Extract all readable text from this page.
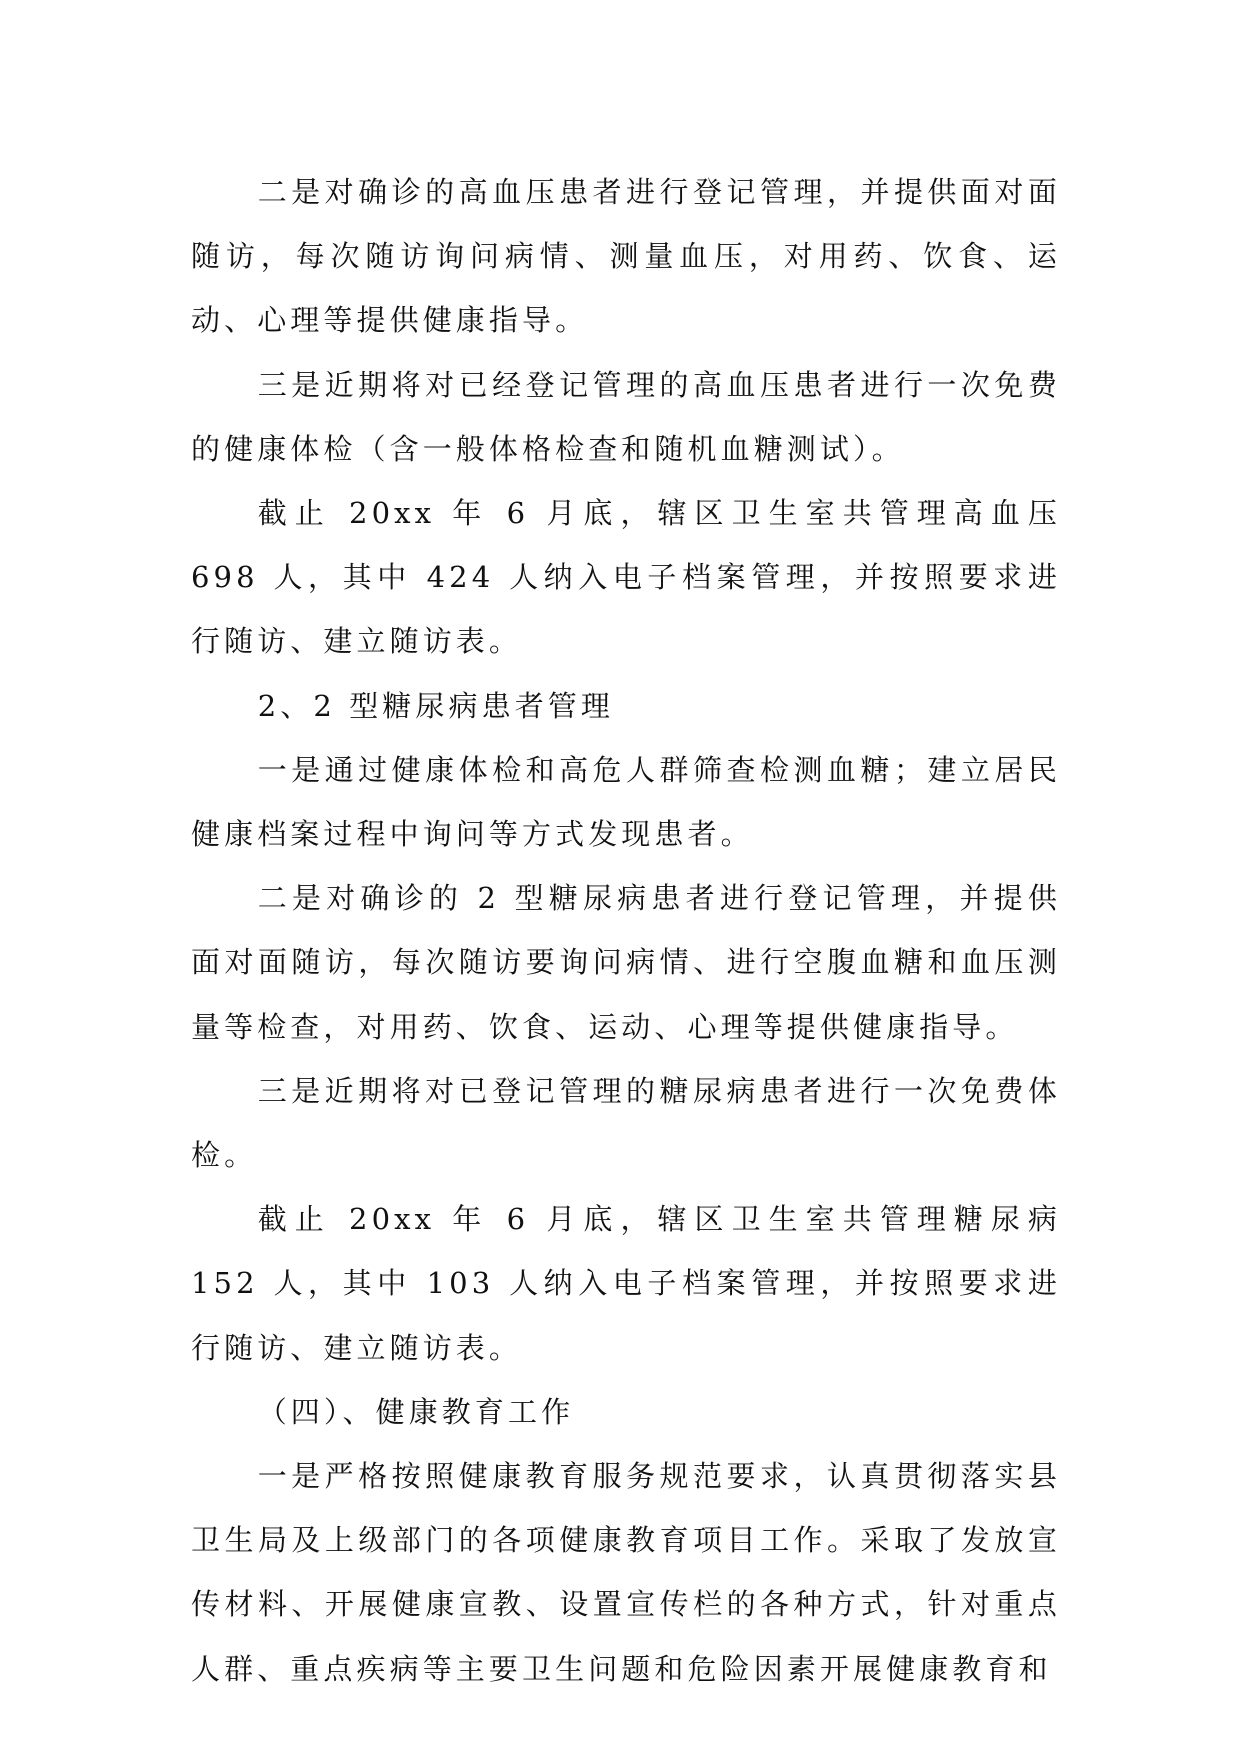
二是对确诊的高血压患者进行登记管理，并提供面对面随访，每次随访询问病情、测量血压，对用药、饮食、运动、心理等提供健康指导。

三是近期将对已经登记管理的高血压患者进行一次免费的健康体检（含一般体格检查和随机血糖测试）。

截止 20xx 年 6 月底，辖区卫生室共管理高血压 698 人，其中 424 人纳入电子档案管理，并按照要求进行随访、建立随访表。

2、2 型糖尿病患者管理

一是通过健康体检和高危人群筛查检测血糖；建立居民健康档案过程中询问等方式发现患者。

二是对确诊的 2 型糖尿病患者进行登记管理，并提供面对面随访，每次随访要询问病情、进行空腹血糖和血压测量等检查，对用药、饮食、运动、心理等提供健康指导。

三是近期将对已登记管理的糖尿病患者进行一次免费体检。

截止 20xx 年 6 月底，辖区卫生室共管理糖尿病 152 人，其中 103 人纳入电子档案管理，并按照要求进行随访、建立随访表。

（四）、健康教育工作

一是严格按照健康教育服务规范要求，认真贯彻落实县卫生局及上级部门的各项健康教育项目工作。采取了发放宣传材料、开展健康宣教、设置宣传栏的各种方式，针对重点人群、重点疾病等主要卫生问题和危险因素开展健康教育和
